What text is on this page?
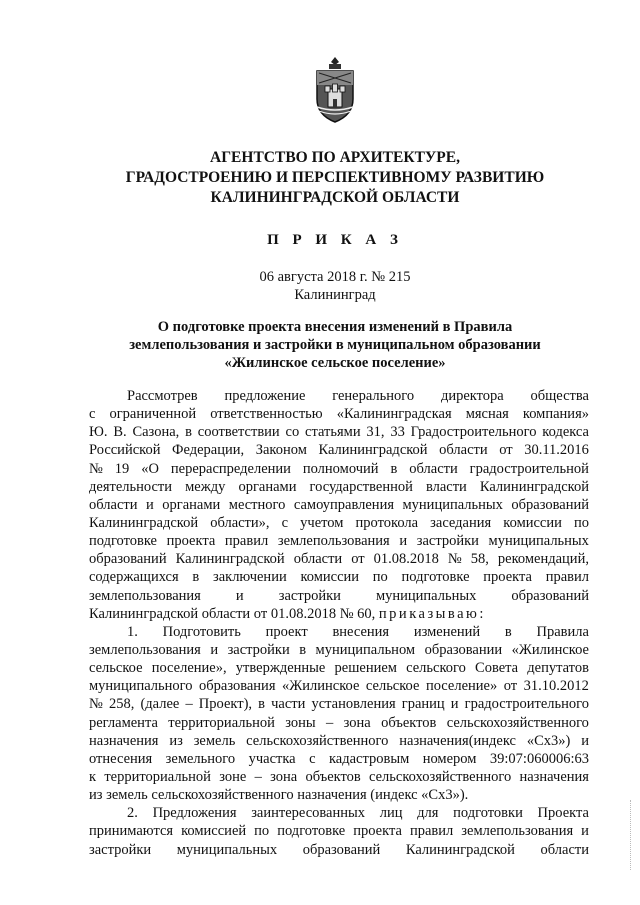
АГЕНТСТВО ПО АРХИТЕКТУРЕ,
ГРАДОСТРОЕНИЮ И ПЕРСПЕКТИВНОМУ РАЗВИТИЮ
КАЛИНИНГРАДСКОЙ ОБЛАСТИ
П Р И К А З
06 августа 2018 г. № 215
Калининград
О подготовке проекта внесения изменений в Правила
землепользования и застройки в муниципальном образовании
«Жилинское сельское поселение»
Рассмотрев предложение генерального директора общества
с ограниченной ответственностью «Калининградская мясная компания»
Ю. В. Сазона, в соответствии со статьями 31, 33 Градостроительного кодекса
Российской Федерации, Законом Калининградской области от 30.11.2016
№ 19 «О перераспределении полномочий в области градостроительной
деятельности между органами государственной власти Калининградской
области и органами местного самоуправления муниципальных образований
Калининградской области», с учетом протокола заседания комиссии по
подготовке проекта правил землепользования и застройки муниципальных
образований Калининградской области от 01.08.2018 № 58, рекомендаций,
содержащихся в заключении комиссии по подготовке проекта правил
землепользования и застройки муниципальных образований
Калининградской области от 01.08.2018 № 60, приказываю:
1. Подготовить проект внесения изменений в Правила
землепользования и застройки в муниципальном образовании «Жилинское
сельское поселение», утвержденные решением сельского Совета депутатов
муниципального образования «Жилинское сельское поселение» от 31.10.2012
№ 258, (далее – Проект), в части установления границ и градостроительного
регламента территориальной зоны – зона объектов сельскохозяйственного
назначения из земель сельскохозяйственного назначения(индекс «Сх3») и
отнесения земельного участка с кадастровым номером 39:07:060006:63
к территориальной зоне – зона объектов сельскохозяйственного назначения
из земель сельскохозяйственного назначения (индекс «Сх3»).
2. Предложения заинтересованных лиц для подготовки Проекта
принимаются комиссией по подготовке проекта правил землепользования и
застройки муниципальных образований Калининградской области
